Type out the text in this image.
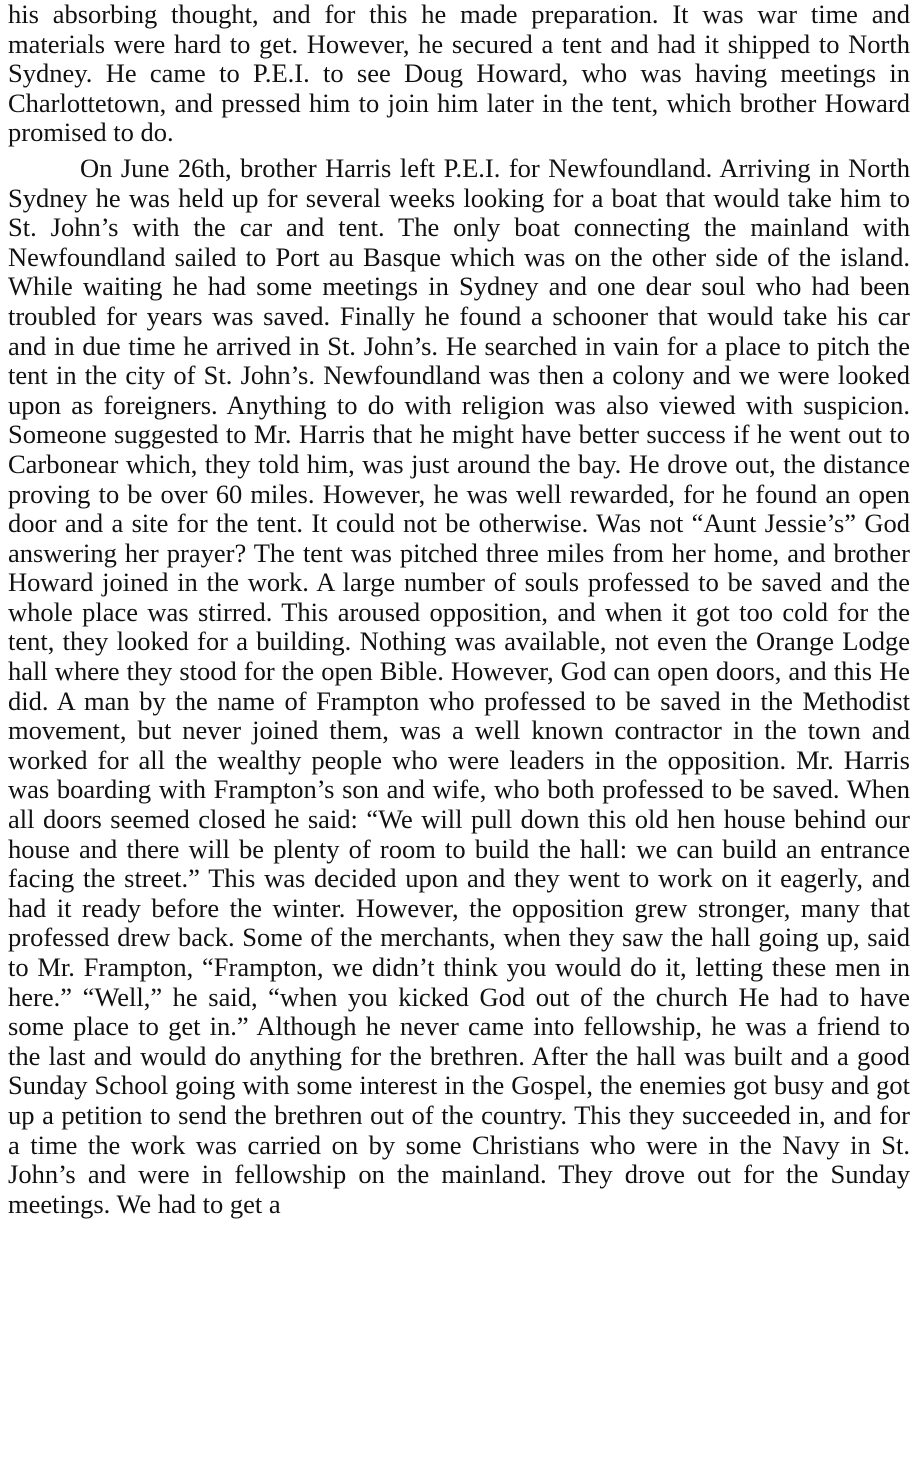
his absorbing thought, and for this he made preparation. It was war time and materials were hard to get. However, he secured a tent and had it shipped to North Sydney. He came to P.E.I. to see Doug Howard, who was having meetings in Charlottetown, and pressed him to join him later in the tent, which brother Howard promised to do.

On June 26th, brother Harris left P.E.I. for Newfoundland. Arriving in North Sydney he was held up for several weeks looking for a boat that would take him to St. John’s with the car and tent. The only boat connecting the mainland with Newfoundland sailed to Port au Basque which was on the other side of the island. While waiting he had some meetings in Sydney and one dear soul who had been troubled for years was saved. Finally he found a schooner that would take his car and in due time he arrived in St. John’s. He searched in vain for a place to pitch the tent in the city of St. John’s. Newfoundland was then a colony and we were looked upon as foreigners. Anything to do with religion was also viewed with suspicion. Someone suggested to Mr. Harris that he might have better success if he went out to Carbonear which, they told him, was just around the bay. He drove out, the distance proving to be over 60 miles. However, he was well rewarded, for he found an open door and a site for the tent. It could not be otherwise. Was not “Aunt Jessie’s” God answering her prayer? The tent was pitched three miles from her home, and brother Howard joined in the work. A large number of souls professed to be saved and the whole place was stirred. This aroused opposition, and when it got too cold for the tent, they looked for a building. Nothing was available, not even the Orange Lodge hall where they stood for the open Bible. However, God can open doors, and this He did. A man by the name of Frampton who professed to be saved in the Methodist movement, but never joined them, was a well known contractor in the town and worked for all the wealthy people who were leaders in the opposition. Mr. Harris was boarding with Frampton’s son and wife, who both professed to be saved. When all doors seemed closed he said: “We will pull down this old hen house behind our house and there will be plenty of room to build the hall: we can build an entrance facing the street.” This was decided upon and they went to work on it eagerly, and had it ready before the winter. However, the opposition grew stronger, many that professed drew back. Some of the merchants, when they saw the hall going up, said to Mr. Frampton, “Frampton, we didn’t think you would do it, letting these men in here.” “Well,” he said, “when you kicked God out of the church He had to have some place to get in.” Although he never came into fellowship, he was a friend to the last and would do anything for the brethren. After the hall was built and a good Sunday School going with some interest in the Gospel, the enemies got busy and got up a petition to send the brethren out of the country. This they succeeded in, and for a time the work was carried on by some Christians who were in the Navy in St. John’s and were in fellowship on the mainland. They drove out for the Sunday meetings. We had to get a
